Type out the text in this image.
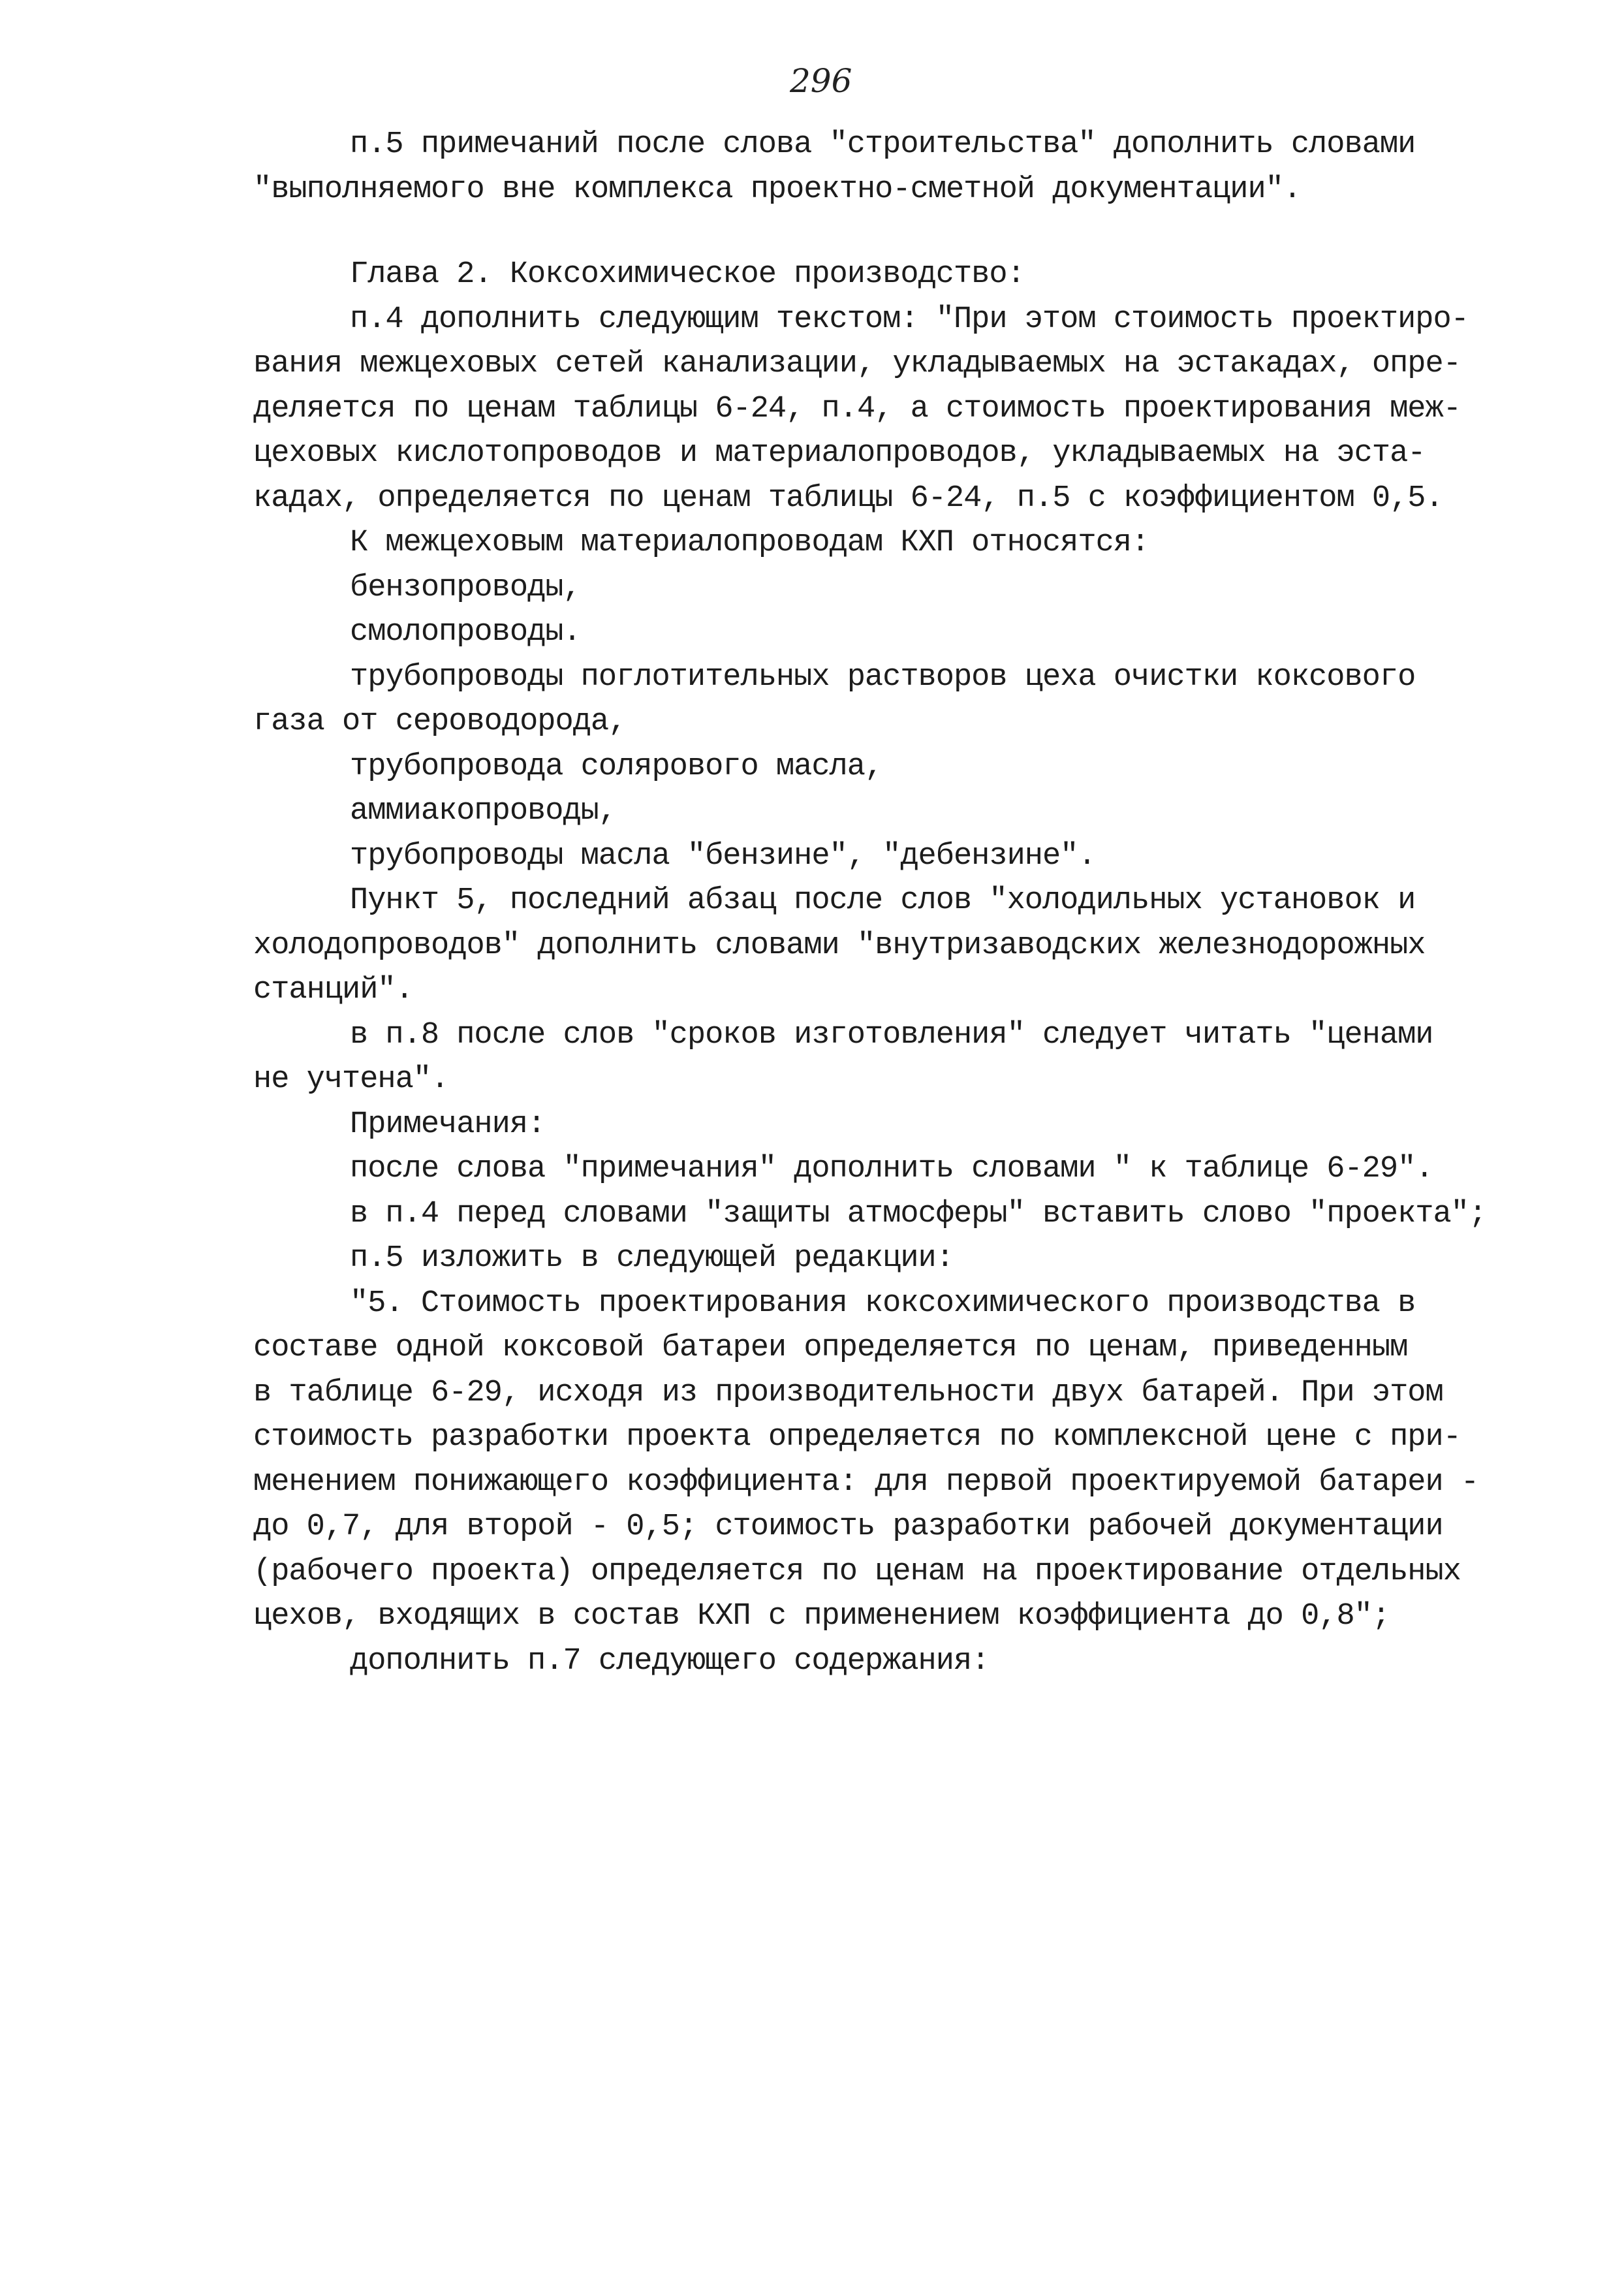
296
п.5 примечаний после слова "строительства" дополнить словами
"выполняемого вне комплекса проектно-сметной документации".
Глава 2. Коксохимическое производство:
п.4 дополнить следующим текстом: "При этом стоимость проектиро-
вания межцеховых сетей канализации, укладываемых на эстакадах, опре-
деляется по ценам таблицы 6-24, п.4, а стоимость проектирования меж-
цеховых кислотопроводов и материалопроводов, укладываемых на эста-
кадах, определяется по ценам таблицы 6-24, п.5 с коэффициентом 0,5.
К межцеховым материалопроводам КХП относятся:
бензопроводы,
смолопроводы.
трубопроводы поглотительных растворов цеха очистки коксового
газа от сероводорода,
трубопровода солярового масла,
аммиакопроводы,
трубопроводы масла "бензине", "дебензине".
Пункт 5, последний абзац после слов "холодильных установок и
холодопроводов" дополнить словами "внутризаводских железнодорожных
станций".
в п.8 после слов "сроков изготовления" следует читать "ценами
не учтена".
Примечания:
после слова "примечания" дополнить словами " к таблице 6-29".
в п.4 перед словами "защиты атмосферы" вставить слово "проекта";
п.5 изложить в следующей редакции:
"5. Стоимость проектирования коксохимического производства в
составе одной коксовой батареи определяется по ценам, приведенным
в таблице 6-29, исходя из производительности двух батарей. При этом
стоимость разработки проекта определяется по комплексной цене с при-
менением понижающего коэффициента: для первой проектируемой батареи -
до 0,7, для второй - 0,5; стоимость разработки рабочей документации
(рабочего проекта) определяется по ценам на проектирование отдельных
цехов, входящих в состав КХП с применением коэффициента до 0,8";
дополнить п.7 следующего содержания:
